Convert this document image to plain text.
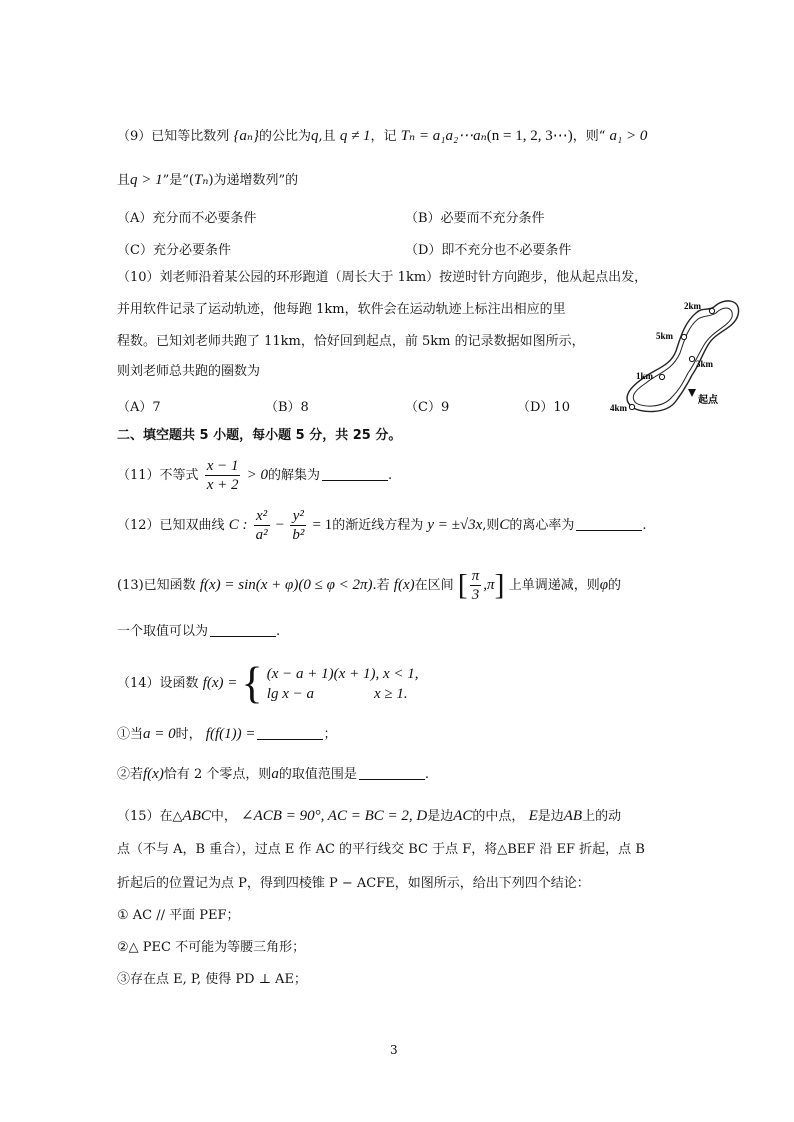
（9）已知等比数列 {aₙ}的公比为q,且 q ≠ 1，记 Tₙ = a₁a₂⋯aₙ(n = 1, 2, 3⋯)，则“ a₁ > 0
且q > 1”是“(Tₙ)为递增数列”的
（A）充分而不必要条件	（B）必要而不充分条件
（C）充分必要条件	（D）即不充分也不必要条件
（10）刘老师沿着某公园的环形跑道（周长大于 1km）按逆时针方向跑步，他从起点出发，
并用软件记录了运动轨迹，他每跑 1km，软件会在运动轨迹上标注出相应的里
程数。已知刘老师共跑了 11km，恰好回到起点，前 5km 的记录数据如图所示，
则刘老师总共跑的圈数为
（A）7	（B）8	（C）9	（D）10
2km
5km
3km
1km
4km
起点
二、填空题共 5 小题，每小题 5 分，共 25 分。
（11）不等式 $\frac{x - 1}{x + 2} > 0$的解集为	.
（12）已知双曲线 C : $\frac{\text{x²}}{\text{a²}} - \frac{\text{y²}}{\text{b²}} = 1$的渐近线方程为 y = ±√3x,则C的离心率为	.
(13)已知函数 f(x) = sin(x + φ)(0 ≤ φ < 2π).若 f(x)在区间 [ $\frac{\pi}{3} ,\pi$] 上单调递减，则φ的
一个取值可以为	.
（14）设函数 f(x) = { (x − a + 1)(x + 1), x < 1,
lg x − a	x ≥ 1.
①当a = 0时， f(f(1)) =	；
②若f(x)恰有 2 个零点，则a的取值范围是	.
（15）在△ABC中， ∠ACB = 90°, AC = BC = 2, D是边AC的中点， E是边AB上的动
点（不与 A，B 重合），过点 E 作 AC 的平行线交 BC 于点 F，将△BEF 沿 EF 折起，点 B
折起后的位置记为点 P，得到四棱锥 P − ACFE，如图所示，给出下列四个结论：
① AC // 平面 PEF；
②△ PEC 不可能为等腰三角形；
③存在点 E, P, 使得 PD ⊥ AE；
3
